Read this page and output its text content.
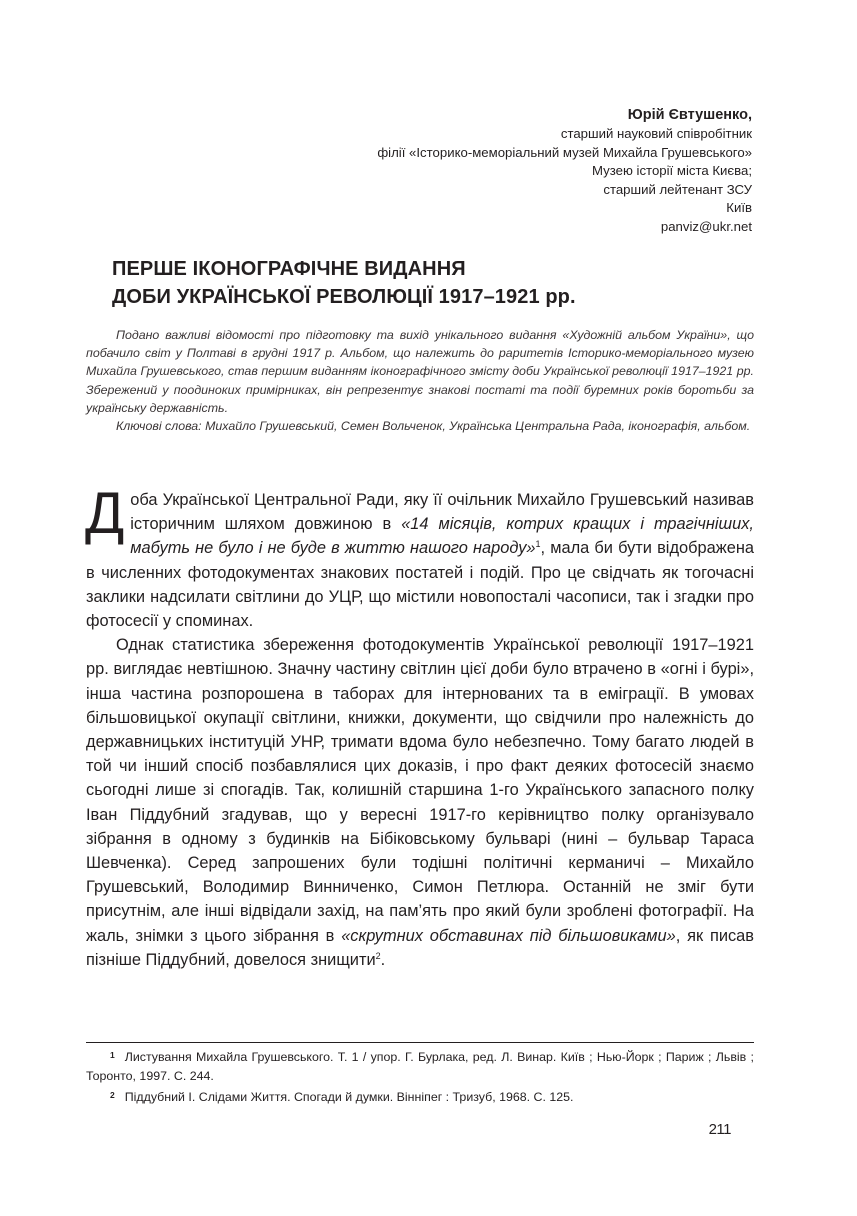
Юрій Євтушенко,
старший науковий співробітник
філії «Історико-меморіальний музей Михайла Грушевського»
Музею історії міста Києва;
старший лейтенант ЗСУ
Київ
panviz@ukr.net
ПЕРШЕ ІКОНОГРАФІЧНЕ ВИДАННЯ
ДОБИ УКРАЇНСЬКОЇ РЕВОЛЮЦІЇ 1917–1921 рр.

Подано важливі відомості про підготовку та вихід унікального видання «Художній альбом України», що побачило світ у Полтаві в грудні 1917 р. Альбом, що належить до раритетів Історико-меморіального музею Михайла Грушевського, став першим виданням іконографічного змісту доби Української революції 1917–1921 рр. Збережений у поодиноких примірниках, він репрезентує знакові постаті та події буремних років боротьби за українську державність.

Ключові слова: Михайло Грушевський, Семен Вольченок, Українська Центральна Рада, іконографія, альбом.

Доба Української Центральної Ради, яку її очільник Михайло Грушевський називав історичним шляхом довжиною в «14 місяців, котрих кращих і трагічніших, мабуть не було і не буде в життю нашого народу»$^1$, мала би бути відображена в численних фотодокументах знакових постатей і подій. Про це свідчать як тогочасні заклики надсилати світлини до УЦР, що містили новопосталі часописи, так і згадки про фотосесії у споминах.

Однак статистика збереження фотодокументів Української революції 1917–1921 рр. виглядає невтішною. Значну частину світлин цієї доби було втрачено в «огні і бурі», інша частина розпорошена в таборах для інтернованих та в еміграції. В умовах більшовицької окупації світлини, книжки, документи, що свідчили про належність до державницьких інституцій УНР, тримати вдома було небезпечно. Тому багато людей в той чи інший спосіб позбавлялися цих доказів, і про факт деяких фотосесій знаємо сьогодні лише зі спогадів. Так, колишній старшина 1-го Українського запасного полку Іван Піддубний згадував, що у вересні 1917-го керівництво полку організувало зібрання в одному з будинків на Бібіковському бульварі (нині – бульвар Тараса Шевченка). Серед запрошених були тодішні політичні керманичі – Михайло Грушевський, Володимир Винниченко, Симон Петлюра. Останній не зміг бути присутнім, але інші відвідали захід, на пам’ять про який були зроблені фотографії. На жаль, знімки з цього зібрання в «скрутних обставинах під більшовиками», як писав пізніше Піддубний, довелося знищити$^2$.

$^1$ Листування Михайла Грушевського. Т. 1 / упор. Г. Бурлака, ред. Л. Винар. Київ ; Нью-Йорк ; Париж ; Львів ; Торонто, 1997. С. 244.

$^2$ Піддубний І. Слідами Життя. Спогади й думки. Вінніпег : Тризуб, 1968. С. 125.

211
